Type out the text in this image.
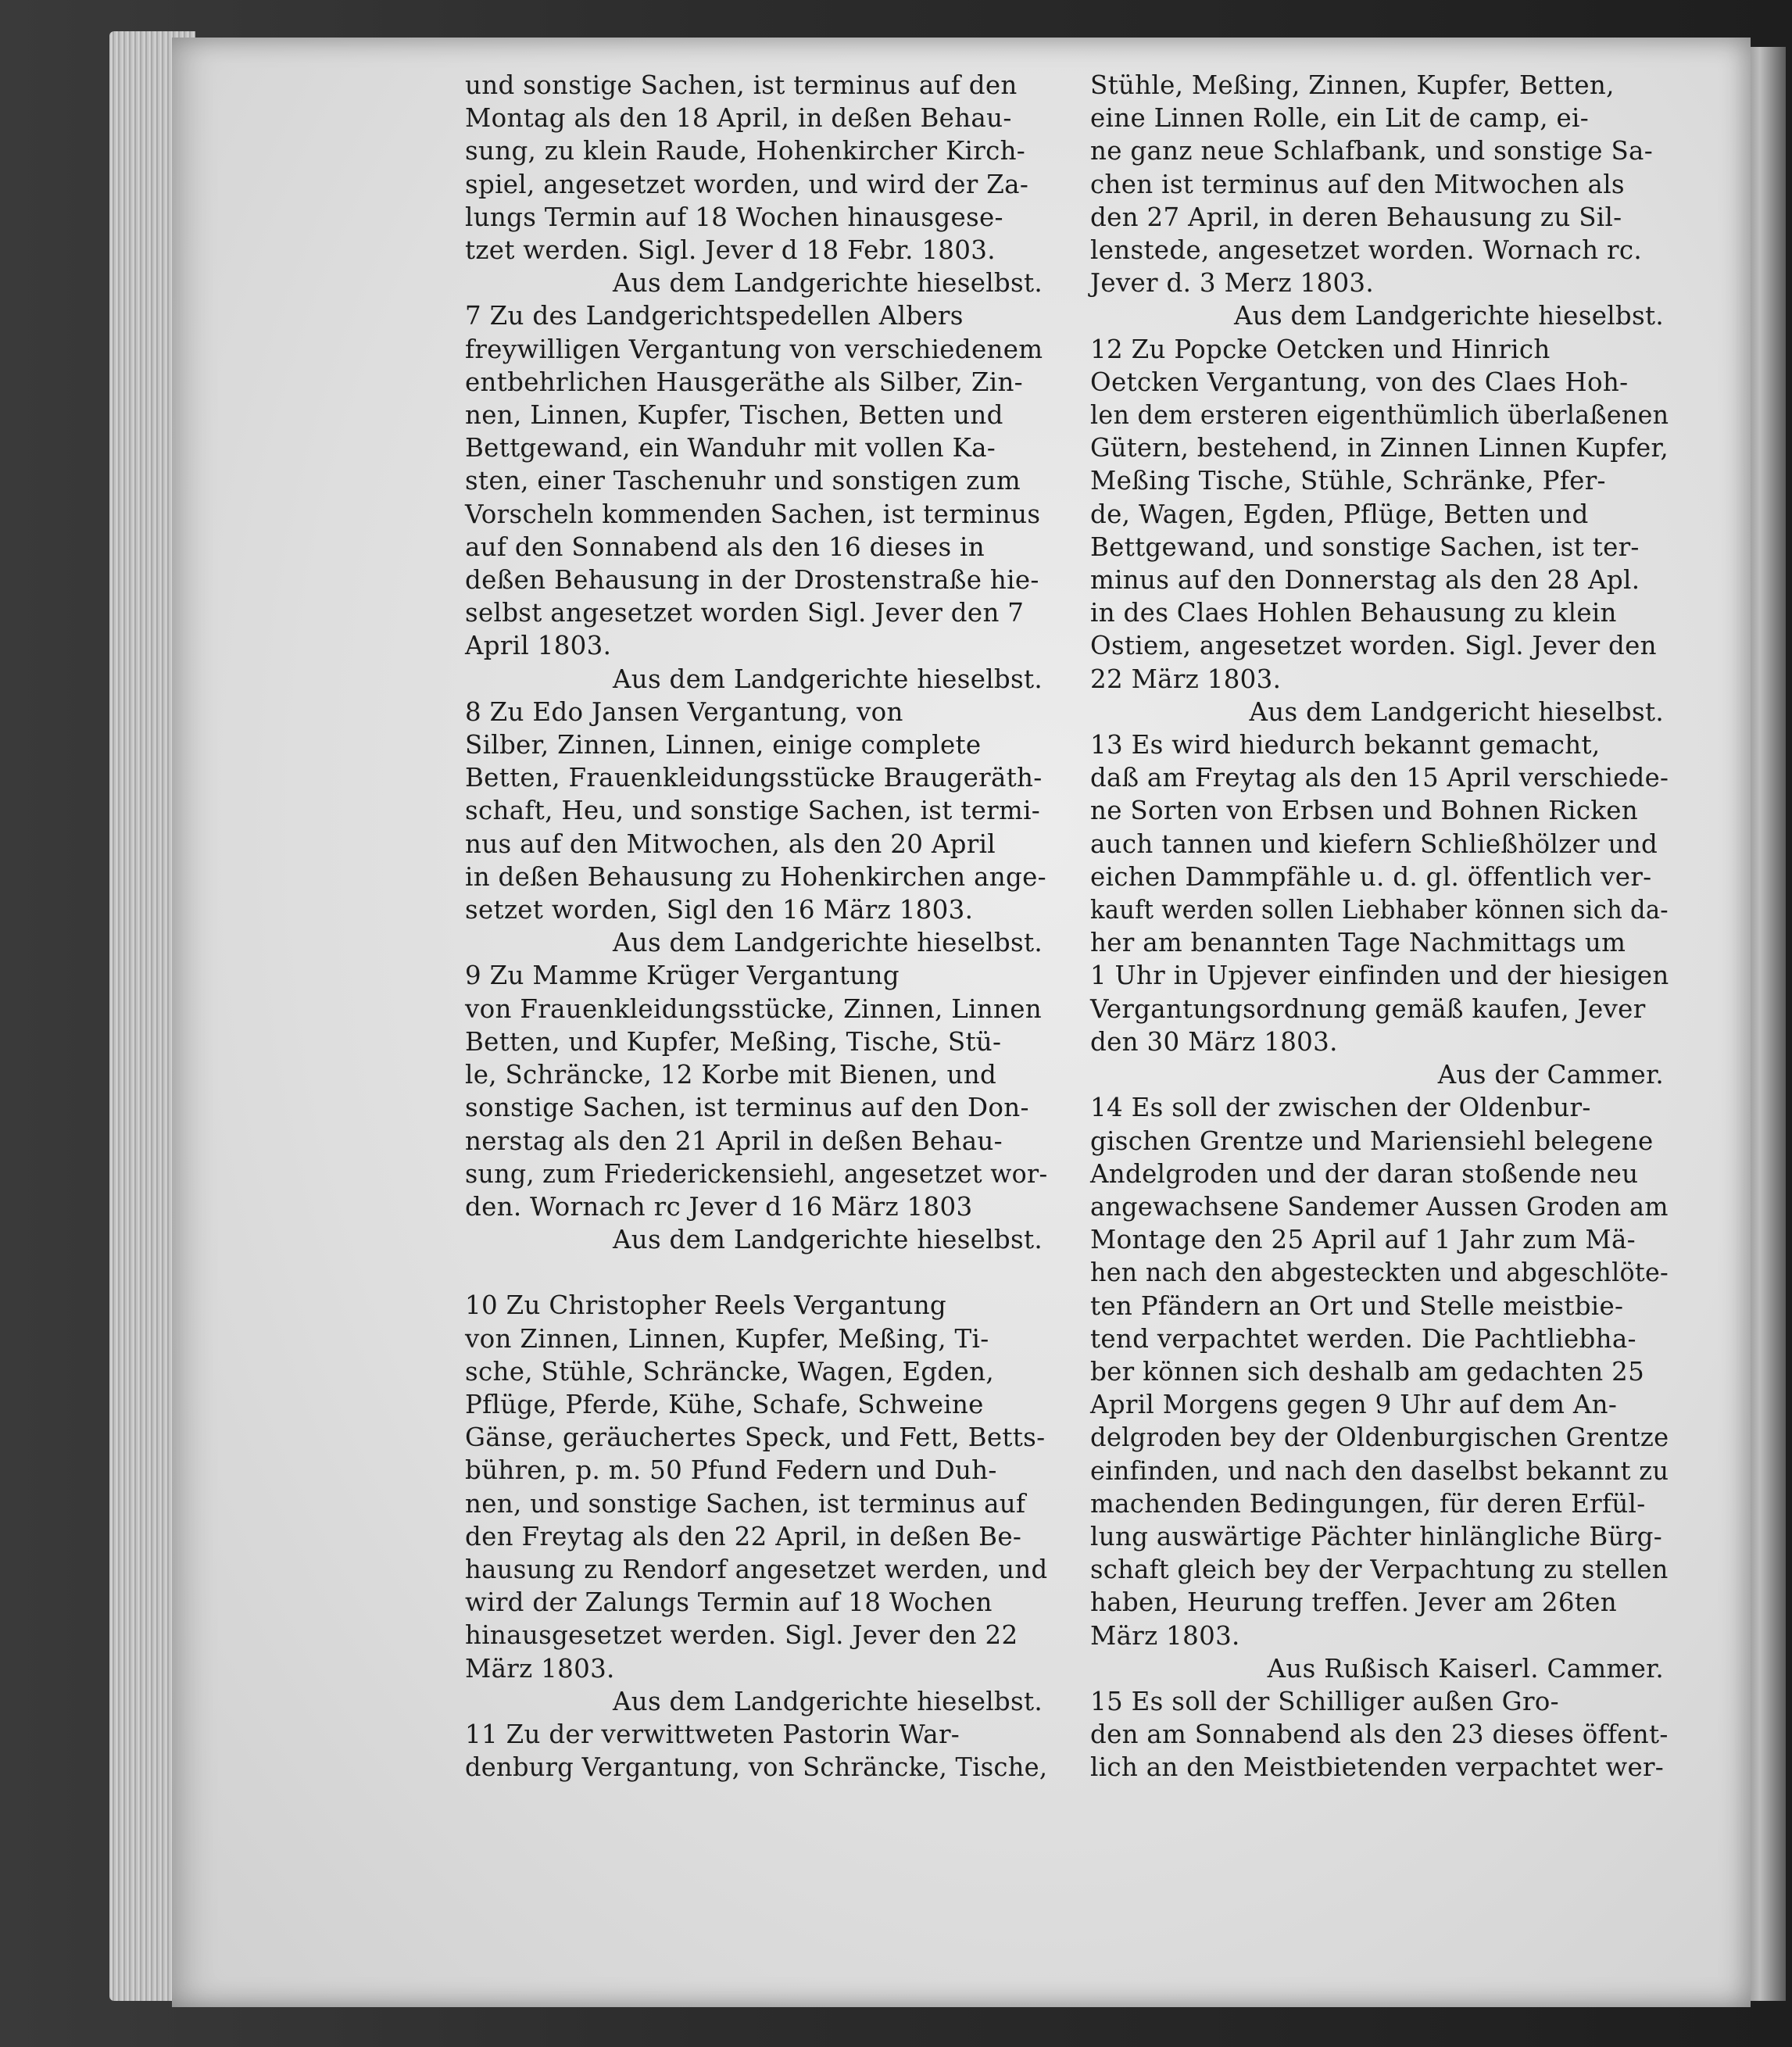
und sonstige Sachen, ist terminus auf den
Montag als den 18 April, in deßen Behau-
sung, zu klein Raude, Hohenkircher Kirch-
spiel, angesetzet worden, und wird der Za-
lungs Termin auf 18 Wochen hinausgese-
tzet werden. Sigl. Jever d 18 Febr. 1803.
Aus dem Landgerichte hieselbst.
7 Zu des Landgerichtspedellen Albers
freywilligen Vergantung von verschiedenem
entbehrlichen Hausgeräthe als Silber, Zin-
nen, Linnen, Kupfer, Tischen, Betten und
Bettgewand, ein Wanduhr mit vollen Ka-
sten, einer Taschenuhr und sonstigen zum
Vorscheln kommenden Sachen, ist terminus
auf den Sonnabend als den 16 dieses in
deßen Behausung in der Drostenstraße hie-
selbst angesetzet worden Sigl. Jever den 7
April 1803.
Aus dem Landgerichte hieselbst.
8 Zu Edo Jansen Vergantung, von
Silber, Zinnen, Linnen, einige complete
Betten, Frauenkleidungsstücke Braugeräth-
schaft, Heu, und sonstige Sachen, ist termi-
nus auf den Mitwochen, als den 20 April
in deßen Behausung zu Hohenkirchen ange-
setzet worden, Sigl den 16 März 1803.
Aus dem Landgerichte hieselbst.
9 Zu Mamme Krüger Vergantung
von Frauenkleidungsstücke, Zinnen, Linnen
Betten, und Kupfer, Meßing, Tische, Stü-
le, Schräncke, 12 Korbe mit Bienen, und
sonstige Sachen, ist terminus auf den Don-
nerstag als den 21 April in deßen Behau-
sung, zum Friederickensiehl, angesetzet wor-
den. Wornach rc Jever d 16 März 1803
Aus dem Landgerichte hieselbst.
10 Zu Christopher Reels Vergantung
von Zinnen, Linnen, Kupfer, Meßing, Ti-
sche, Stühle, Schräncke, Wagen, Egden,
Pflüge, Pferde, Kühe, Schafe, Schweine
Gänse, geräuchertes Speck, und Fett, Betts-
bühren, p. m. 50 Pfund Federn und Duh-
nen, und sonstige Sachen, ist terminus auf
den Freytag als den 22 April, in deßen Be-
hausung zu Rendorf angesetzet werden, und
wird der Zalungs Termin auf 18 Wochen
hinausgesetzet werden. Sigl. Jever den 22
März 1803.
Aus dem Landgerichte hieselbst.
11 Zu der verwittweten Pastorin War-
denburg Vergantung, von Schräncke, Tische,
Stühle, Meßing, Zinnen, Kupfer, Betten,
eine Linnen Rolle, ein Lit de camp, ei-
ne ganz neue Schlafbank, und sonstige Sa-
chen ist terminus auf den Mitwochen als
den 27 April, in deren Behausung zu Sil-
lenstede, angesetzet worden. Wornach rc.
Jever d. 3 Merz 1803.
Aus dem Landgerichte hieselbst.
12 Zu Popcke Oetcken und Hinrich
Oetcken Vergantung, von des Claes Hoh-
len dem ersteren eigenthümlich überlaßenen
Gütern, bestehend, in Zinnen Linnen Kupfer,
Meßing Tische, Stühle, Schränke, Pfer-
de, Wagen, Egden, Pflüge, Betten und
Bettgewand, und sonstige Sachen, ist ter-
minus auf den Donnerstag als den 28 Apl.
in des Claes Hohlen Behausung zu klein
Ostiem, angesetzet worden. Sigl. Jever den
22 März 1803.
Aus dem Landgericht hieselbst.
13 Es wird hiedurch bekannt gemacht,
daß am Freytag als den 15 April verschiede-
ne Sorten von Erbsen und Bohnen Ricken
auch tannen und kiefern Schließhölzer und
eichen Dammpfähle u. d. gl. öffentlich ver-
kauft werden sollen Liebhaber können sich da-
her am benannten Tage Nachmittags um
1 Uhr in Upjever einfinden und der hiesigen
Vergantungsordnung gemäß kaufen, Jever
den 30 März 1803.
Aus der Cammer.
14 Es soll der zwischen der Oldenbur-
gischen Grentze und Mariensiehl belegene
Andelgroden und der daran stoßende neu
angewachsene Sandemer Aussen Groden am
Montage den 25 April auf 1 Jahr zum Mä-
hen nach den abgesteckten und abgeschlöte-
ten Pfändern an Ort und Stelle meistbie-
tend verpachtet werden. Die Pachtliebha-
ber können sich deshalb am gedachten 25
April Morgens gegen 9 Uhr auf dem An-
delgroden bey der Oldenburgischen Grentze
einfinden, und nach den daselbst bekannt zu
machenden Bedingungen, für deren Erfül-
lung auswärtige Pächter hinlängliche Bürg-
schaft gleich bey der Verpachtung zu stellen
haben, Heurung treffen. Jever am 26ten
März 1803.
Aus Rußisch Kaiserl. Cammer.
15 Es soll der Schilliger außen Gro-
den am Sonnabend als den 23 dieses öffent-
lich an den Meistbietenden verpachtet wer-
